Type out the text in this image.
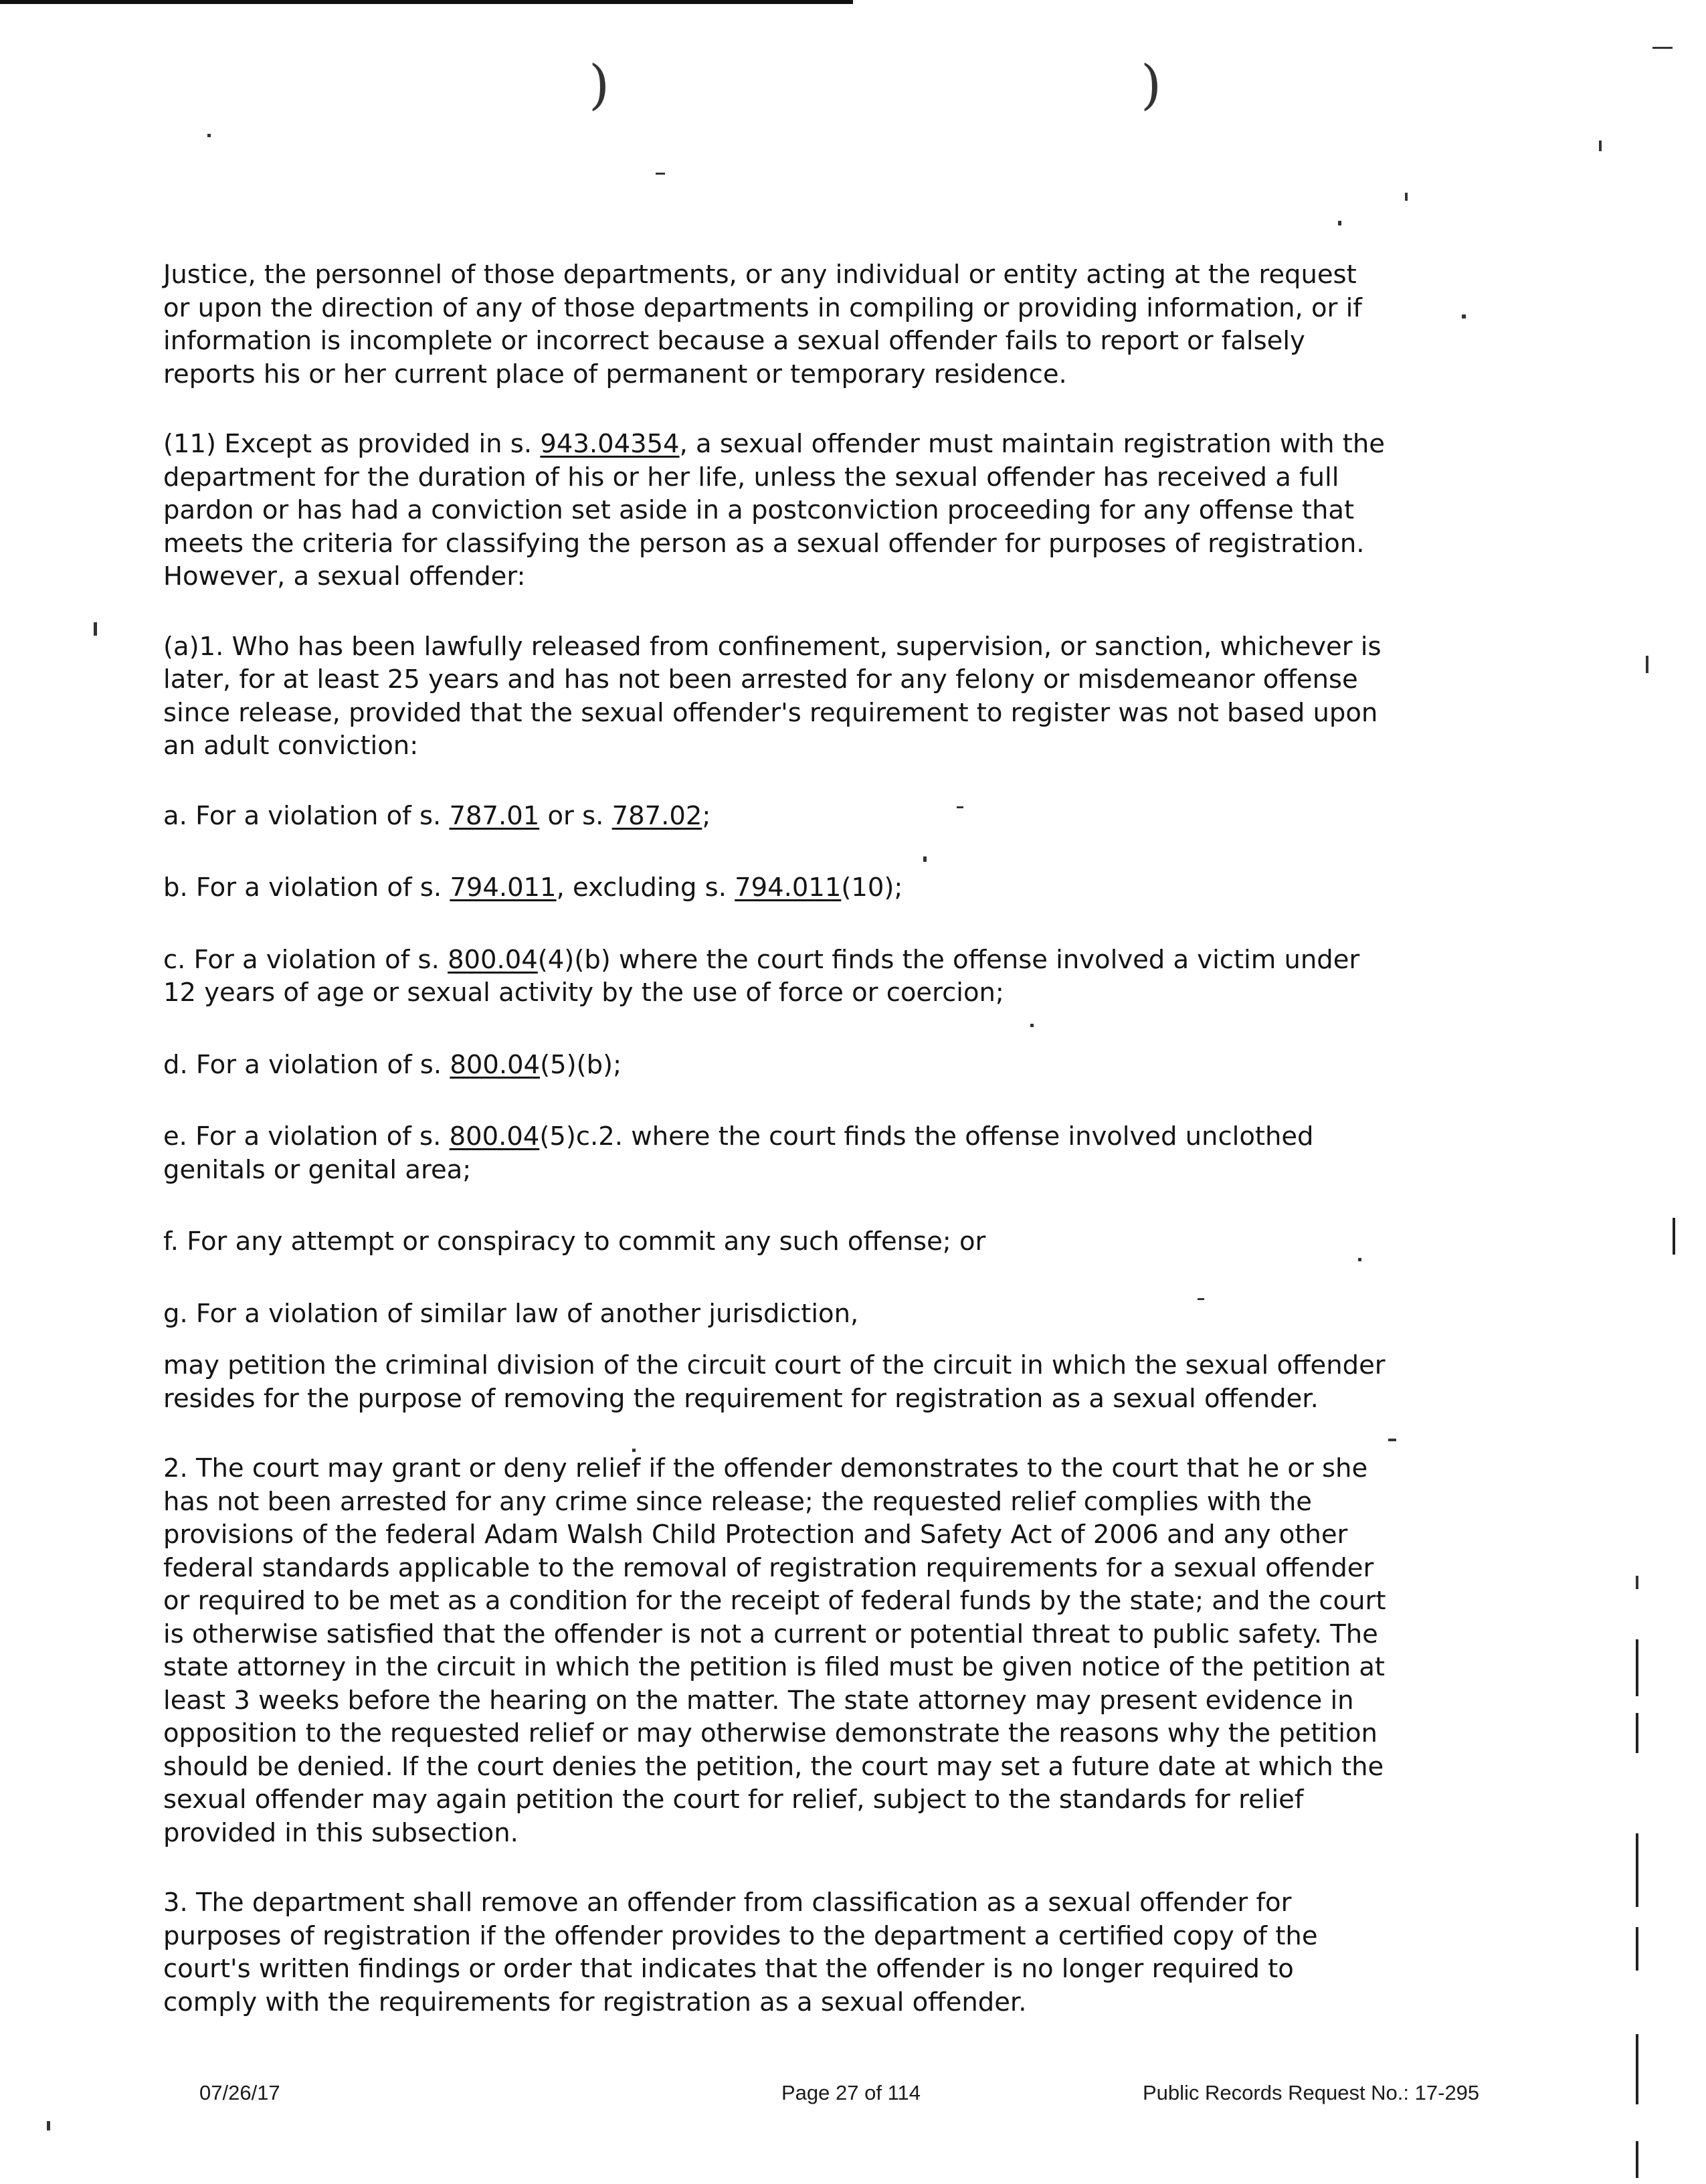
)	)

Justice, the personnel of those departments, or any individual or entity acting at the request or upon the direction of any of those departments in compiling or providing information, or if information is incomplete or incorrect because a sexual offender fails to report or falsely reports his or her current place of permanent or temporary residence.

(11) Except as provided in s. 943.04354, a sexual offender must maintain registration with the department for the duration of his or her life, unless the sexual offender has received a full pardon or has had a conviction set aside in a postconviction proceeding for any offense that meets the criteria for classifying the person as a sexual offender for purposes of registration. However, a sexual offender:

(a)1. Who has been lawfully released from confinement, supervision, or sanction, whichever is later, for at least 25 years and has not been arrested for any felony or misdemeanor offense since release, provided that the sexual offender's requirement to register was not based upon an adult conviction:

a. For a violation of s. 787.01 or s. 787.02;

b. For a violation of s. 794.011, excluding s. 794.011(10);

c. For a violation of s. 800.04(4)(b) where the court finds the offense involved a victim under 12 years of age or sexual activity by the use of force or coercion;

d. For a violation of s. 800.04(5)(b);

e. For a violation of s. 800.04(5)c.2. where the court finds the offense involved unclothed genitals or genital area;

f. For any attempt or conspiracy to commit any such offense; or

g. For a violation of similar law of another jurisdiction,

may petition the criminal division of the circuit court of the circuit in which the sexual offender resides for the purpose of removing the requirement for registration as a sexual offender.

2. The court may grant or deny relief if the offender demonstrates to the court that he or she has not been arrested for any crime since release; the requested relief complies with the provisions of the federal Adam Walsh Child Protection and Safety Act of 2006 and any other federal standards applicable to the removal of registration requirements for a sexual offender or required to be met as a condition for the receipt of federal funds by the state; and the court is otherwise satisfied that the offender is not a current or potential threat to public safety. The state attorney in the circuit in which the petition is filed must be given notice of the petition at least 3 weeks before the hearing on the matter. The state attorney may present evidence in opposition to the requested relief or may otherwise demonstrate the reasons why the petition should be denied. If the court denies the petition, the court may set a future date at which the sexual offender may again petition the court for relief, subject to the standards for relief provided in this subsection.

3. The department shall remove an offender from classification as a sexual offender for purposes of registration if the offender provides to the department a certified copy of the court's written findings or order that indicates that the offender is no longer required to comply with the requirements for registration as a sexual offender.

07/26/17	Page 27 of 114	Public Records Request No.: 17-295
